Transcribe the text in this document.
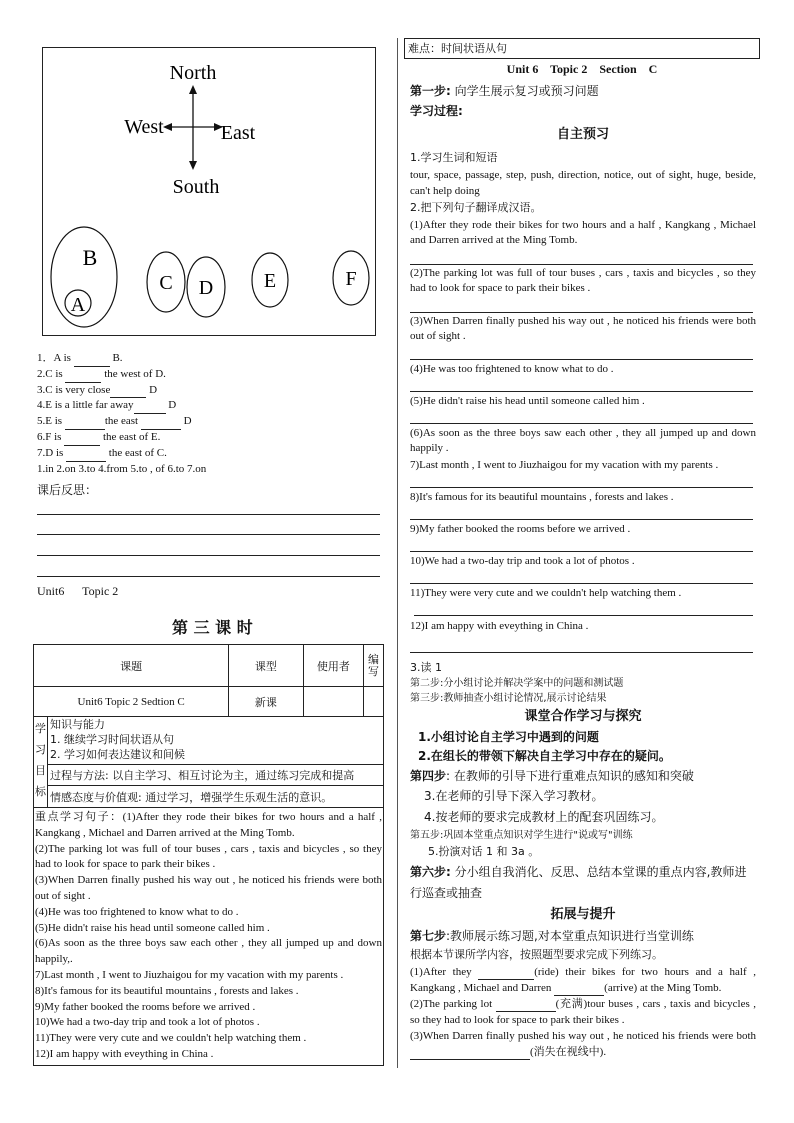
North
South
West	East
B
A
C D	E	F
1．A is	B.
2.C is	the west of D.
3.C is very close	D
4.E is a little far away	D
5.E is	the east	D
6.F is	the east of E.
7.D is	the east of C.
1.in 2.on 3.to 4.from 5.to , of 6.to 7.on
课后反思：
Unit6      Topic 2
第 三 课 时
课题	课型	使用者	编写
Unit6 Topic 2 Sedtion C	新课		
学习目标
知识与能力
1. 继续学习时间状语从句
2. 学习如何表达建议和间候
过程与方法: 以自主学习、相互讨论为主，通过练习完成和提高
情感态度与价值观: 通过学习，增强学生乐观生活的意识。
重点学习句子：(1)After they rode their bikes for two hours and a half , Kangkang , Michael and Darren arrived at the Ming Tomb.
(2)The parking lot was full of tour buses , cars , taxis and bicycles , so they had to look for space to park their bikes .
(3)When Darren finally pushed his way out , he noticed his friends were both out of sight .
(4)He was too frightened to know what to do .
(5)He didn't raise his head until someone called him .
(6)As soon as the three boys saw each other , they all jumped up and down happily,.
7)Last month , I went to Jiuzhaigou for my vacation with my parents .
8)It's famous for its beautiful mountains , forests and lakes .
9)My father booked the rooms before we arrived .
10)We had a two-day trip and took a lot of photos .
11)They were very cute and we couldn't help watching them .
12)I am happy with eveything in China .
难点：时间状语从句
Unit 6    Topic 2    Section    C
第一步: 向学生展示复习或预习问题
学习过程:
自主预习
1.学习生词和短语
tour, space, passage, step, push, direction, notice, out of sight, huge, beside, can't help doing
2.把下列句子翻译成汉语。
(1)After they rode their bikes for two hours and a half , Kangkang , Michael and Darren arrived at the Ming Tomb.
(2)The parking lot was full of tour buses , cars , taxis and bicycles , so they had to look for space to park their bikes .
(3)When Darren finally pushed his way out , he noticed his friends were both out of sight .
(4)He was too frightened to know what to do .
(5)He didn't raise his head until someone called him .
(6)As soon as the three boys saw each other , they all jumped up and down happily .
7)Last month , I went to Jiuzhaigou for my vacation with my parents .
8)It's famous for its beautiful mountains , forests and lakes .
9)My father booked the rooms before we arrived .
10)We had a two-day trip and took a lot of photos .
11)They were very cute and we couldn't help watching them .
12)I am happy with eveything in China .
3.读 1
第二步:分小组讨论并解决学案中的问题和测试题
第三步:教师抽查小组讨论情况,展示讨论结果
课堂合作学习与探究
1.小组讨论自主学习中遇到的问题
2.在组长的带领下解决自主学习中存在的疑问。
第四步: 在教师的引导下进行重难点知识的感知和突破
3.在老师的引导下深入学习教材。
4.按老师的要求完成教材上的配套巩固练习。
第五步:巩固本堂重点知识对学生进行"说或写"训练
5.扮演对话 1 和 3a 。
第六步: 分小组自我消化、反思、总结本堂课的重点内容,教师进行巡查或抽查
拓展与提升
第七步:教师展示练习题,对本堂重点知识进行当堂训练
根据本节课所学内容，按照题型要求完成下列练习。
(1)After they	(ride) their bikes for two hours and a half , Kangkang , Michael and Darren	(arrive) at the Ming Tomb.
(2)The parking lot	(充满)tour buses , cars , taxis and bicycles , so they had to look for space to park their bikes .
(3)When Darren finally pushed his way out , he noticed his friends were both (消失在视线中).
